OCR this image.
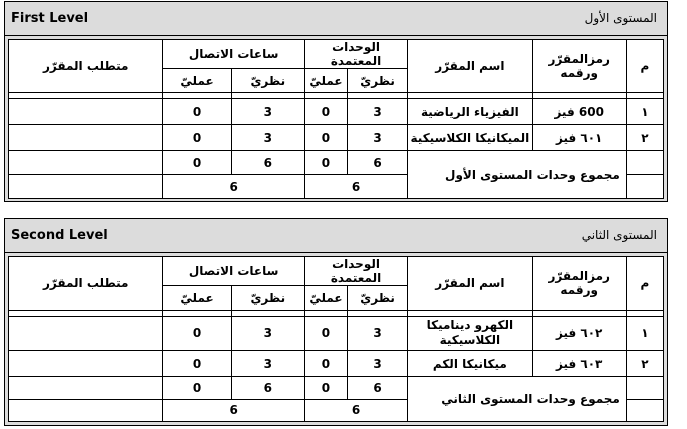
First Level	المستوى الأول
متطلب المقرّر	ساعات الاتصال		الوحدات المعتمدة		اسم المقرّر	رمزالمقرّر ورقمه	م
	عمليّ	نظريّ	عمليّ	نظريّ			

	0	3	0	3	الفيزياء الرياضية	600 فيز	١
	0	3	0	3	الميكانيكا الكلاسيكية	٦٠١ فيز	٢
	0	6	0	6	مجموع وحدات المستوى الأول		
	6		6				
Second Level	المستوى الثاني
متطلب المقرّر	ساعات الاتصال		الوحدات المعتمدة		اسم المقرّر	رمزالمقرّر ورقمه	م
	عمليّ	نظريّ	عمليّ	نظريّ			

	0	3	0	3	الكهرو ديناميكا الكلاسيكية	٦٠٢ فيز	١
	0	3	0	3	ميكانيكا الكم	٦٠٣ فيز	٢
	0	6	0	6	مجموع وحدات المستوى الثاني		
	6		6				
